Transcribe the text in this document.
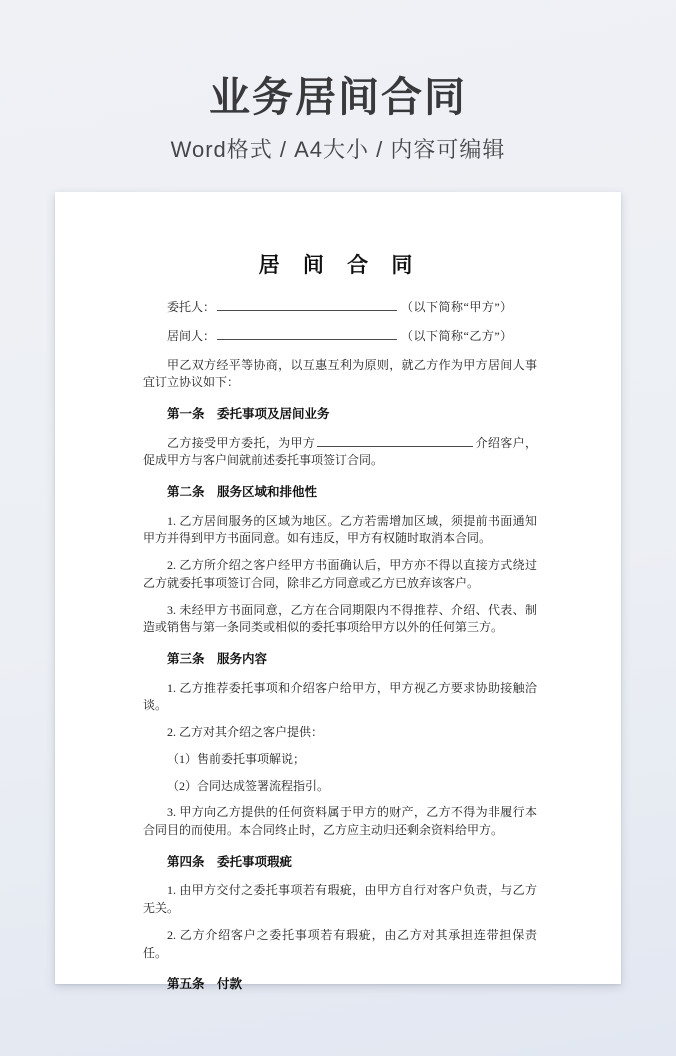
业务居间合同
Word格式 / A4大小 / 内容可编辑
居 间 合 同
委托人：	（以下简称“甲方”）
居间人：	（以下简称“乙方”）

甲乙双方经平等协商，以互惠互利为原则，就乙方作为甲方居间人事宜订立协议如下：

第一条　委托事项及居间业务

乙方接受甲方委托，为甲方	介绍客户，促成甲方与客户间就前述委托事项签订合同。

第二条　服务区域和排他性

1. 乙方居间服务的区域为地区。乙方若需增加区域，须提前书面通知甲方并得到甲方书面同意。如有违反，甲方有权随时取消本合同。

2. 乙方所介绍之客户经甲方书面确认后，甲方亦不得以直接方式绕过乙方就委托事项签订合同，除非乙方同意或乙方已放弃该客户。

3. 未经甲方书面同意，乙方在合同期限内不得推荐、介绍、代表、制造或销售与第一条同类或相似的委托事项给甲方以外的任何第三方。

第三条　服务内容

1. 乙方推荐委托事项和介绍客户给甲方，甲方视乙方要求协助接触洽谈。

2. 乙方对其介绍之客户提供：

（1）售前委托事项解说；

（2）合同达成签署流程指引。

3. 甲方向乙方提供的任何资料属于甲方的财产，乙方不得为非履行本合同目的而使用。本合同终止时，乙方应主动归还剩余资料给甲方。

第四条　委托事项瑕疵

1. 由甲方交付之委托事项若有瑕疵，由甲方自行对客户负责，与乙方无关。

2. 乙方介绍客户之委托事项若有瑕疵，由乙方对其承担连带担保责任。

第五条　付款
